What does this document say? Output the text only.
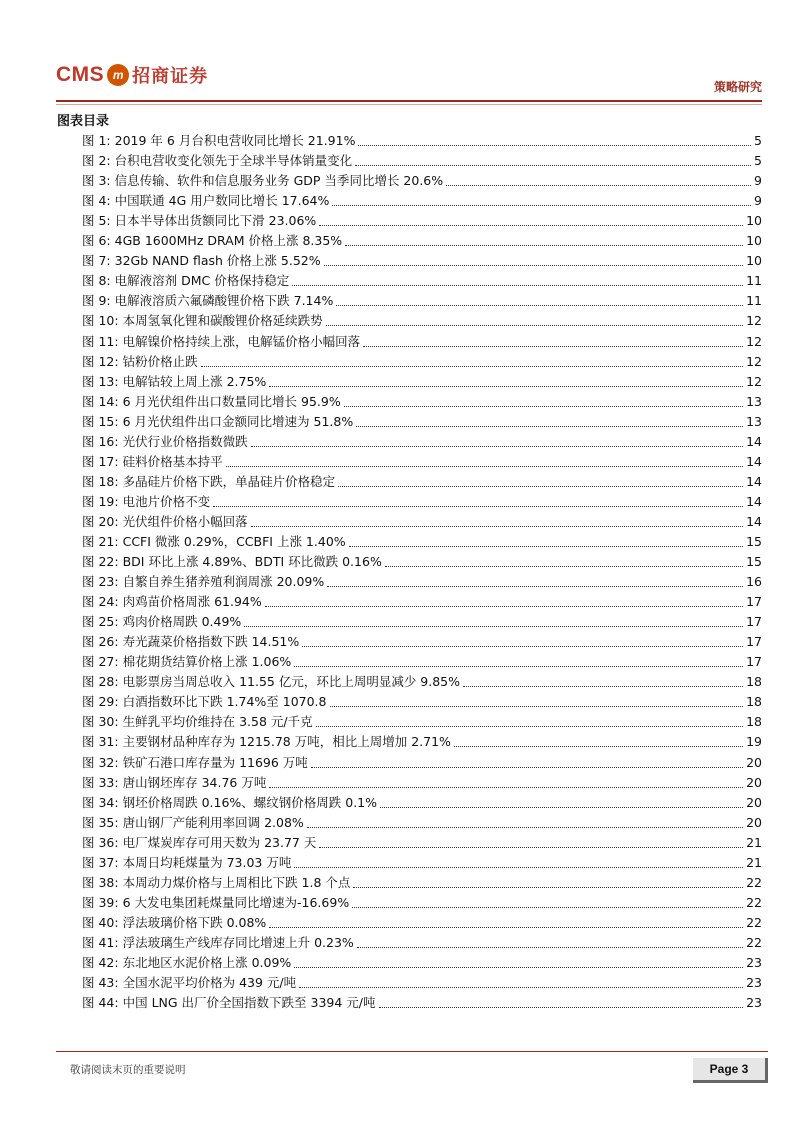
CMS m 招商证券	策略研究
图表目录
图 1: 2019 年 6 月台积电营收同比增长 21.91%	5
图 2: 台积电营收变化领先于全球半导体销量变化	5
图 3: 信息传输、软件和信息服务业务 GDP 当季同比增长 20.6%	9
图 4: 中国联通 4G 用户数同比增长 17.64%	9
图 5: 日本半导体出货额同比下滑 23.06%	10
图 6: 4GB 1600MHz DRAM 价格上涨 8.35%	10
图 7: 32Gb NAND flash 价格上涨 5.52%	10
图 8: 电解液溶剂 DMC 价格保持稳定	11
图 9: 电解液溶质六氟磷酸锂价格下跌 7.14%	11
图 10: 本周氢氧化锂和碳酸锂价格延续跌势	12
图 11: 电解镍价格持续上涨，电解锰价格小幅回落	12
图 12: 钴粉价格止跌	12
图 13: 电解钴较上周上涨 2.75%	12
图 14: 6 月光伏组件出口数量同比增长 95.9%	13
图 15: 6 月光伏组件出口金额同比增速为 51.8%	13
图 16: 光伏行业价格指数微跌	14
图 17: 硅料价格基本持平	14
图 18: 多晶硅片价格下跌，单晶硅片价格稳定	14
图 19: 电池片价格不变	14
图 20: 光伏组件价格小幅回落	14
图 21: CCFI 微涨 0.29%，CCBFI 上涨 1.40%	15
图 22: BDI 环比上涨 4.89%、BDTI 环比微跌 0.16%	15
图 23: 自繁自养生猪养殖利润周涨 20.09%	16
图 24: 肉鸡苗价格周涨 61.94%	17
图 25: 鸡肉价格周跌 0.49%	17
图 26: 寿光蔬菜价格指数下跌 14.51%	17
图 27: 棉花期货结算价格上涨 1.06%	17
图 28: 电影票房当周总收入 11.55 亿元，环比上周明显减少 9.85%	18
图 29: 白酒指数环比下跌 1.74%至 1070.8	18
图 30: 生鲜乳平均价维持在 3.58 元/千克	18
图 31: 主要钢材品种库存为 1215.78 万吨，相比上周增加 2.71%	19
图 32: 铁矿石港口库存量为 11696 万吨	20
图 33: 唐山钢坯库存 34.76 万吨	20
图 34: 钢坯价格周跌 0.16%、螺纹钢价格周跌 0.1%	20
图 35: 唐山钢厂产能利用率回调 2.08%	20
图 36: 电厂煤炭库存可用天数为 23.77 天	21
图 37: 本周日均耗煤量为 73.03 万吨	21
图 38: 本周动力煤价格与上周相比下跌 1.8 个点	22
图 39: 6 大发电集团耗煤量同比增速为-16.69%	22
图 40: 浮法玻璃价格下跌 0.08%	22
图 41: 浮法玻璃生产线库存同比增速上升 0.23%	22
图 42: 东北地区水泥价格上涨 0.09%	23
图 43: 全国水泥平均价格为 439 元/吨	23
图 44: 中国 LNG 出厂价全国指数下跌至 3394 元/吨	23
敬请阅读末页的重要说明	Page 3
